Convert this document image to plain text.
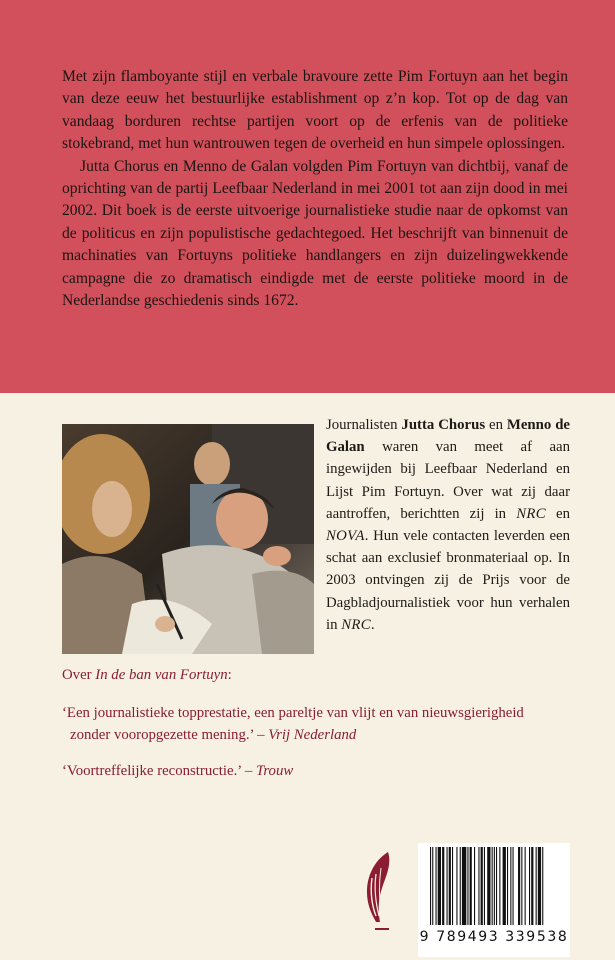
Met zijn flamboyante stijl en verbale bravoure zette Pim Fortuyn aan het begin van deze eeuw het bestuurlijke establishment op z’n kop. Tot op de dag van vandaag borduren rechtse partijen voort op de erfenis van de politieke stokebrand, met hun wantrouwen tegen de overheid en hun simpele oplossingen.

Jutta Chorus en Menno de Galan volgden Pim Fortuyn van dichtbij, vanaf de oprichting van de partij Leefbaar Nederland in mei 2001 tot aan zijn dood in mei 2002. Dit boek is de eerste uitvoerige journalistieke studie naar de opkomst van de politicus en zijn populistische gedachtegoed. Het beschrijft van binnenuit de machinaties van Fortuyns politieke handlangers en zijn duizelingwekkende campagne die zo dramatisch eindigde met de eerste politieke moord in de Nederlandse geschiedenis sinds 1672.

Journalisten Jutta Chorus en Menno de Galan waren van meet af aan ingewijden bij Leefbaar Nederland en Lijst Pim Fortuyn. Over wat zij daar aantroffen, berichtten zij in NRC en NOVA. Hun vele contacten leverden een schat aan exclusief bronmateriaal op. In 2003 ontvingen zij de Prijs voor de Dagbladjournalistiek voor hun verhalen in NRC.
Over In de ban van Fortuyn:
‘Een journalistieke topprestatie, een pareltje van vlijt en van nieuwsgierigheid
zonder vooropgezette mening.’ – Vrij Nederland
‘Voortreffelijke reconstructie.’ – Trouw
9 789493 339538
